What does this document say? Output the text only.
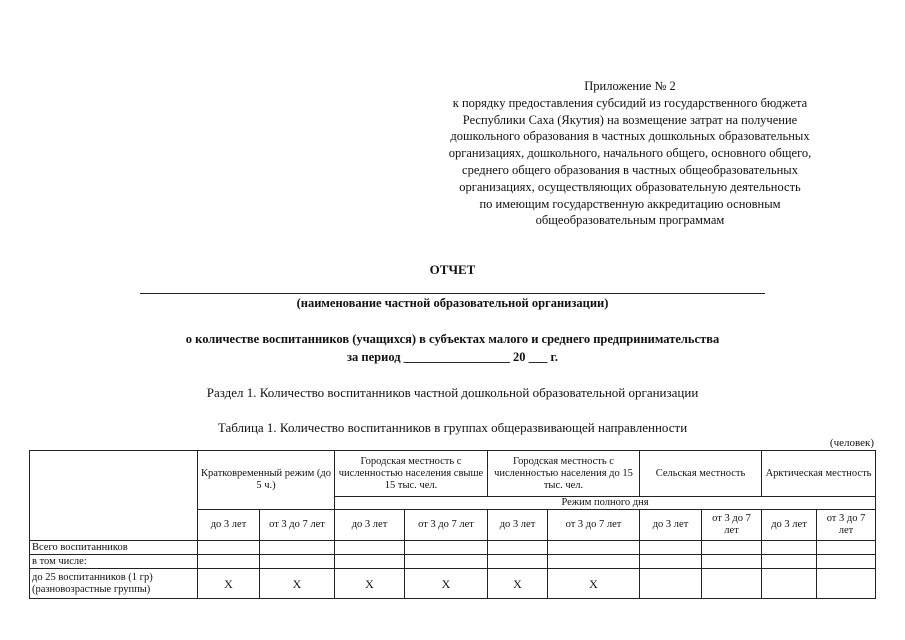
Приложение № 2
к порядку предоставления субсидий из государственного бюджета
Республики Саха (Якутия) на возмещение затрат на получение
дошкольного образования в частных дошкольных образовательных
организациях, дошкольного, начального общего, основного общего,
среднего общего образования в частных общеобразовательных
организациях, осуществляющих образовательную деятельность
по имеющим государственную аккредитацию основным
общеобразовательным программам
ОТЧЕТ
(наименование частной образовательной организации)
о количестве воспитанников (учащихся) в субъектах малого и среднего предпринимательства
за период _________________ 20 ___ г.
Раздел 1. Количество воспитанников частной дошкольной образовательной организации
Таблица 1. Количество воспитанников в группах общеразвивающей направленности
(человек)
	Кратковременный режим (до 5 ч.)		Городская местность с численностью населения свыше 15 тыс. чел.		Городская местность с численностью населения до 15 тыс. чел.		Сельская местность		Арктическая местность	
			Режим полного дня							
	до 3 лет	от 3 до 7 лет	до 3 лет	от 3 до 7 лет	до 3 лет	от 3 до 7 лет	до 3 лет	от 3 до 7 лет	до 3 лет	от 3 до 7 лет
Всего воспитанников										
в том числе:										
до 25 воспитанников (1 гр) (разновозрастные группы)	Х	Х	Х	Х	Х	Х				
